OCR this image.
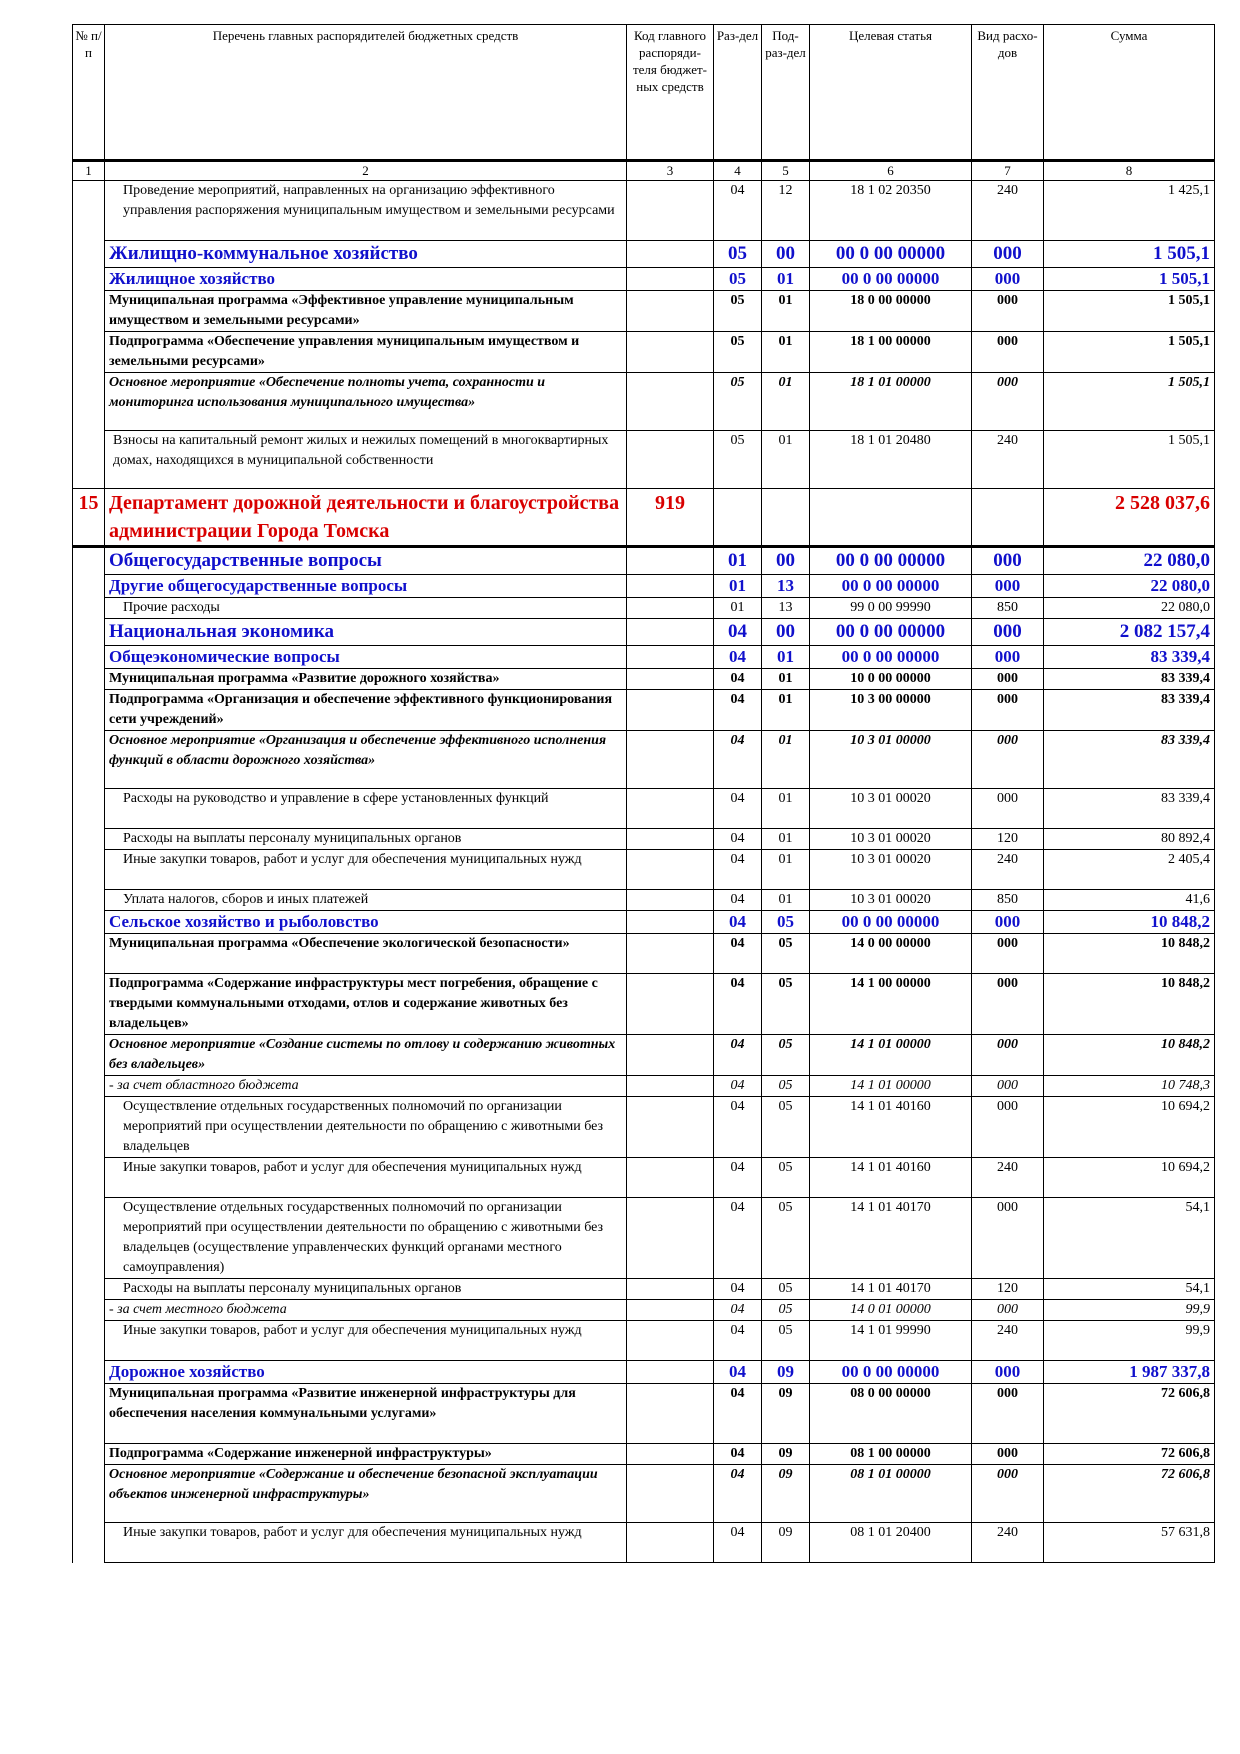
№ п/п	Перечень главных распорядителей бюджетных средств	Код главного распоряди-теля бюджет-ных средств	Раз-дел	Под-раз-дел	Целевая статья	Вид расхо-дов	Сумма
1	2	3	4	5	6	7	8
	Проведение мероприятий, направленных на организацию эффективного управления распоряжения муниципальным имуществом и земельными ресурсами		04	12	18 1 02 20350	240	1 425,1
	Жилищно-коммунальное хозяйство		05	00	00 0 00 00000	000	1 505,1
	Жилищное хозяйство		05	01	00 0 00 00000	000	1 505,1
	Муниципальная программа «Эффективное управление муниципальным имуществом и земельными ресурсами»		05	01	18 0 00 00000	000	1 505,1
	Подпрограмма «Обеспечение управления муниципальным имуществом и земельными ресурсами»		05	01	18 1 00 00000	000	1 505,1
	Основное мероприятие «Обеспечение полноты учета, сохранности и мониторинга использования муниципального имущества»		05	01	18 1 01 00000	000	1 505,1
	Взносы на капитальный ремонт жилых и нежилых помещений в многоквартирных домах, находящихся в муниципальной собственности		05	01	18 1 01 20480	240	1 505,1
15	Департамент дорожной деятельности и благоустройства администрации Города Томска	919					2 528 037,6
	Общегосударственные вопросы		01	00	00 0 00 00000	000	22 080,0
	Другие общегосударственные вопросы		01	13	00 0 00 00000	000	22 080,0
	Прочие расходы		01	13	99 0 00 99990	850	22 080,0
	Национальная экономика		04	00	00 0 00 00000	000	2 082 157,4
	Общеэкономические вопросы		04	01	00 0 00 00000	000	83 339,4
	Муниципальная программа «Развитие дорожного хозяйства»		04	01	10 0 00 00000	000	83 339,4
	Подпрограмма «Организация и обеспечение эффективного функционирования сети учреждений»		04	01	10 3 00 00000	000	83 339,4
	Основное мероприятие «Организация и обеспечение эффективного исполнения функций в области дорожного хозяйства»		04	01	10 3 01 00000	000	83 339,4
	Расходы на руководство и управление в сфере установленных функций		04	01	10 3 01 00020	000	83 339,4
	Расходы на выплаты персоналу муниципальных органов		04	01	10 3 01 00020	120	80 892,4
	Иные закупки товаров, работ и услуг для обеспечения муниципальных нужд		04	01	10 3 01 00020	240	2 405,4
	Уплата налогов, сборов и иных платежей		04	01	10 3 01 00020	850	41,6
	Сельское хозяйство и рыболовство		04	05	00 0 00 00000	000	10 848,2
	Муниципальная программа «Обеспечение экологической безопасности»		04	05	14 0 00 00000	000	10 848,2
	Подпрограмма «Содержание инфраструктуры мест погребения, обращение с твердыми коммунальными отходами, отлов и содержание животных без владельцев»		04	05	14 1 00 00000	000	10 848,2
	Основное мероприятие «Создание системы по отлову и содержанию животных без владельцев»		04	05	14 1 01 00000	000	10 848,2
	- за счет областного бюджета		04	05	14 1 01 00000	000	10 748,3
	Осуществление отдельных государственных полномочий по организации мероприятий при осуществлении деятельности по обращению с животными без владельцев		04	05	14 1 01 40160	000	10 694,2
	Иные закупки товаров, работ и услуг для обеспечения муниципальных нужд		04	05	14 1 01 40160	240	10 694,2
	Осуществление отдельных государственных полномочий по организации мероприятий при осуществлении деятельности по обращению с животными без владельцев (осуществление управленческих функций органами местного самоуправления)		04	05	14 1 01 40170	000	54,1
	Расходы на выплаты персоналу муниципальных органов		04	05	14 1 01 40170	120	54,1
	- за счет местного бюджета		04	05	14 0 01 00000	000	99,9
	Иные закупки товаров, работ и услуг для обеспечения муниципальных нужд		04	05	14 1 01 99990	240	99,9
	Дорожное хозяйство		04	09	00 0 00 00000	000	1 987 337,8
	Муниципальная программа «Развитие инженерной инфраструктуры для обеспечения населения коммунальными услугами»		04	09	08 0 00 00000	000	72 606,8
	Подпрограмма «Содержание инженерной инфраструктуры»		04	09	08 1 00 00000	000	72 606,8
	Основное мероприятие «Содержание и обеспечение безопасной эксплуатации объектов инженерной инфраструктуры»		04	09	08 1 01 00000	000	72 606,8
	Иные закупки товаров, работ и услуг для обеспечения муниципальных нужд		04	09	08 1 01 20400	240	57 631,8
